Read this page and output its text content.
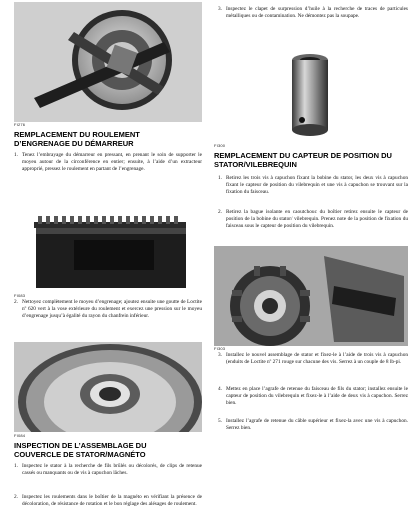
FI276
REMPLACEMENT DU ROULEMENT D’ENGRENAGE DU DÉMARREUR
1. Tenez l’embrayage du démarreur en pressant, en prenant le soin de supporter le moyeu autour de la circonférence en entier; ensuite, à l’aide d’un extracteur approprié, pressez le roulement en partant de l’engrenage.
FI083
2. Nettoyez complètement le moyeu d’engrenage; ajoutez ensuite une goutte de Loctite nº 620 vert à la vose extérieure du roulement et exercez une pression sur le moyeu d’engrenage jusqu’à égalité du rayon du chanfrein inférieur.
FI084
INSPECTION DE L’ASSEMBLAGE DU COUVERCLE DE STATOR/MAGNÉTO
1. Inspectez le stator à la recherche de fils brûlés ou décolorés, de clips de retenue cassés ou manquants ou de vis à capuchon lâches.
2. Inspectez les roulements dans le boîtier de la magnéto en vérifiant la présence de décoloration, de résistance de rotation et le bon réglage des alésages de roulement.
3. Inspectez le clapet de surpression d’huile à la recherche de traces de particules métalliques ou de contamination. Ne démontez pas la soupape.
FI300
REMPLACEMENT DU CAPTEUR DE POSITION DU STATOR/VILEBREQUIN
1. Retirez les trois vis à capuchon fixant la bobine du stator, les deux vis à capuchon fixant le capteur de position du vilebrequin et une vis à capuchon se trouvant sur la fixation du faisceau.
2. Retirez la bague isolante en caoutchouc du boîtier retirez ensuite le capteur de position de la bobine du stator/ vilebrequin. Prenez note de la position de fixation du faisceau sous le capteur de position du vilebrequin.
FI303
3. Installez le nouvel assemblage de stator et fixez-le à l’aide de trois vis à capuchon (enduits de Loctite nº 271 rouge sur chacune des vis. Serrez à un couple de 8 lb-pi.
4. Mettez en place l’agrafe de retenue du faisceau de fils du stator; installez ensuite le capteur de position du vilebrequin et fixez-le à l’aide de deux vis à capuchon. Serrez bien.
5. Installez l’agrafe de retenue du câble supérieur et fixez-la avec une vis à capuchon. Serrez bien.
